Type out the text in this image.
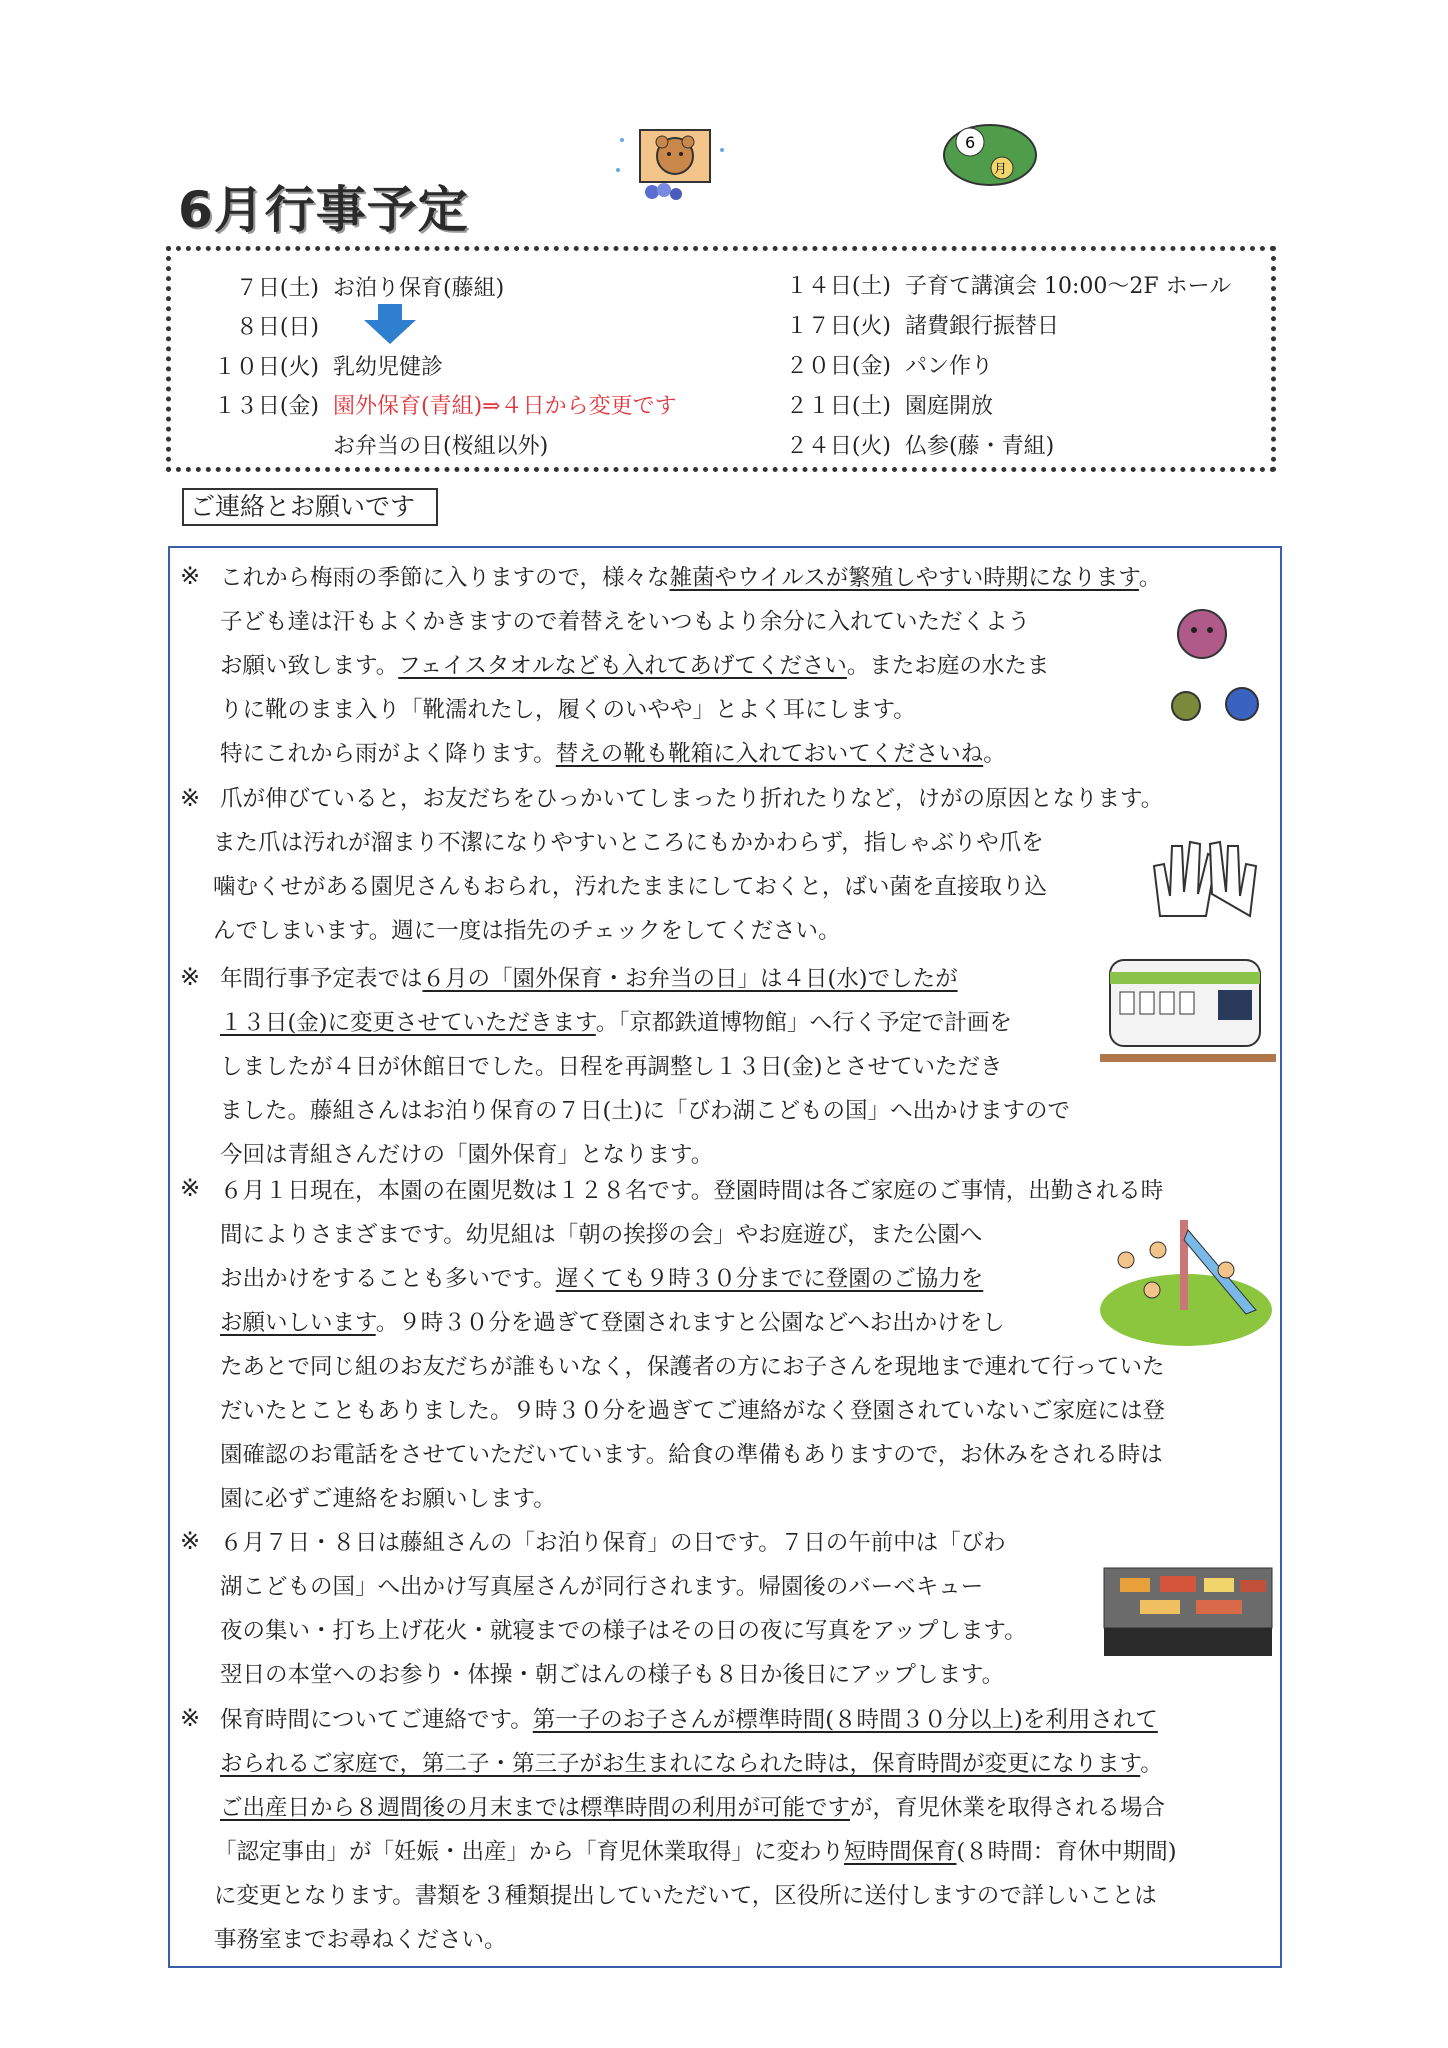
6月行事予定
6
月
７日(土) お泊り保育(藤組)
８日(日)
１０日(火) 乳幼児健診
１３日(金) 園外保育(青組)⇒４日から変更です
お弁当の日(桜組以外)
１４日(土) 子育て講演会 10:00～2F ホール
１７日(火) 諸費銀行振替日
２０日(金) パン作り
２１日(土) 園庭開放
２４日(火) 仏参(藤・青組)
ご連絡とお願いです
※ これから梅雨の季節に入りますので，様々な雑菌やウイルスが繁殖しやすい時期になります。
子ども達は汗もよくかきますので着替えをいつもより余分に入れていただくよう
お願い致します。フェイスタオルなども入れてあげてください。またお庭の水たま
りに靴のまま入り「靴濡れたし，履くのいやや」とよく耳にします。
特にこれから雨がよく降ります。替えの靴も靴箱に入れておいてくださいね。
※ 爪が伸びていると，お友だちをひっかいてしまったり折れたりなど，けがの原因となります。
また爪は汚れが溜まり不潔になりやすいところにもかかわらず，指しゃぶりや爪を
噛むくせがある園児さんもおられ，汚れたままにしておくと，ばい菌を直接取り込
んでしまいます。週に一度は指先のチェックをしてください。
※ 年間行事予定表では６月の「園外保育・お弁当の日」は４日(水)でしたが
１３日(金)に変更させていただきます。「京都鉄道博物館」へ行く予定で計画を
しましたが４日が休館日でした。日程を再調整し１３日(金)とさせていただき
ました。藤組さんはお泊り保育の７日(土)に「びわ湖こどもの国」へ出かけますので
今回は青組さんだけの「園外保育」となります。
※ ６月１日現在，本園の在園児数は１２８名です。登園時間は各ご家庭のご事情，出勤される時
間によりさまざまです。幼児組は「朝の挨拶の会」やお庭遊び，また公園へ
お出かけをすることも多いです。遅くても９時３０分までに登園のご協力を
お願いしいます。９時３０分を過ぎて登園されますと公園などへお出かけをし
たあとで同じ組のお友だちが誰もいなく，保護者の方にお子さんを現地まで連れて行っていた
だいたとこともありました。９時３０分を過ぎてご連絡がなく登園されていないご家庭には登
園確認のお電話をさせていただいています。給食の準備もありますので，お休みをされる時は
園に必ずご連絡をお願いします。
※ ６月７日・８日は藤組さんの「お泊り保育」の日です。７日の午前中は「びわ
湖こどもの国」へ出かけ写真屋さんが同行されます。帰園後のバーベキュー
夜の集い・打ち上げ花火・就寝までの様子はその日の夜に写真をアップします。
翌日の本堂へのお参り・体操・朝ごはんの様子も８日か後日にアップします。
※ 保育時間についてご連絡です。第一子のお子さんが標準時間(８時間３０分以上)を利用されて
おられるご家庭で，第二子・第三子がお生まれになられた時は，保育時間が変更になります。
ご出産日から８週間後の月末までは標準時間の利用が可能ですが，育児休業を取得される場合
「認定事由」が「妊娠・出産」から「育児休業取得」に変わり短時間保育(８時間：育休中期間)
に変更となります。書類を３種類提出していただいて，区役所に送付しますので詳しいことは
事務室までお尋ねください。
